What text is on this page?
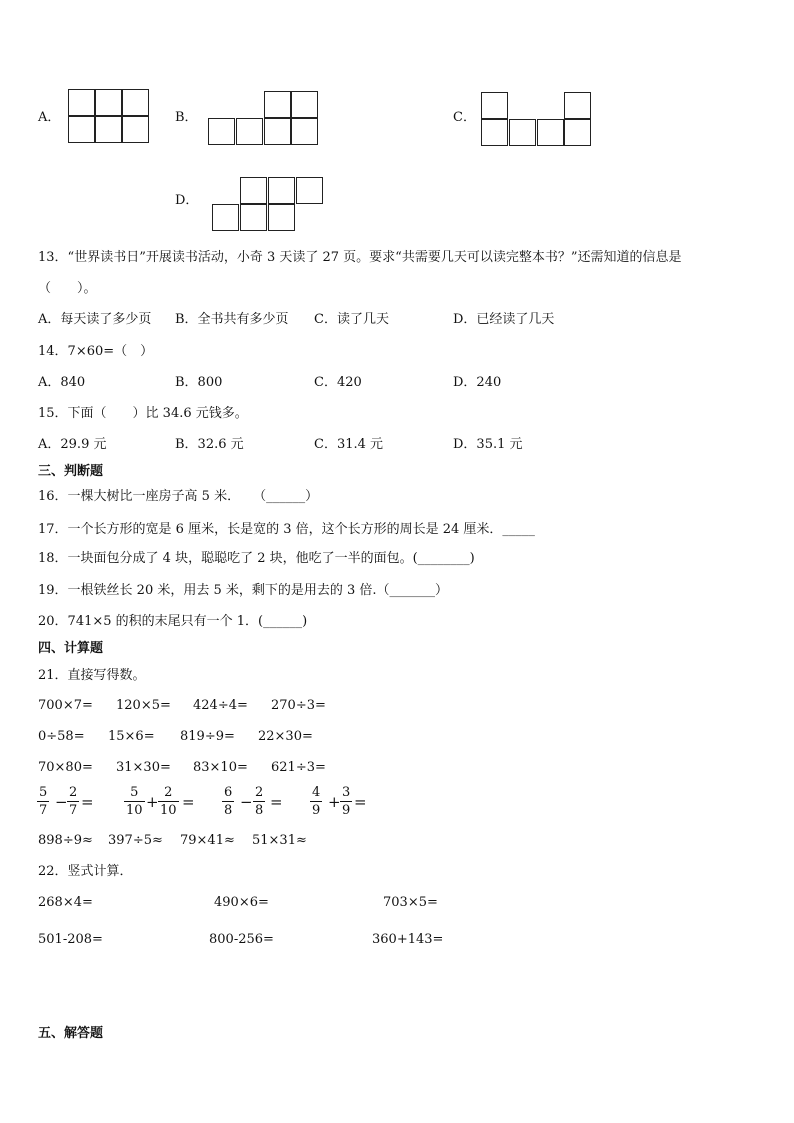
A．	B．	C．
D．
13．“世界读书日”开展读书活动，小奇 3 天读了 27 页。要求“共需要几天可以读完整本书？”还需知道的信息是
（　　）。
A．每天读了多少页 B．全书共有多少页 C．读了几天	D．已经读了几天
14．7×60=（　）
A．840	B．800	C．420	D．240
15．下面（　　）比 34.6 元钱多。
A．29.9 元	B．32.6 元	C．31.4 元	D．35.1 元
三、判断题
16．一棵大树比一座房子高 5 米．　　（______）
17．一个长方形的宽是 6 厘米，长是宽的 3 倍，这个长方形的周长是 24 厘米．_____
18．一块面包分成了 4 块，聪聪吃了 2 块，他吃了一半的面包。(________)
19．一根铁丝长 20 米，用去 5 米，剩下的是用去的 3 倍.（_______）
20．741×5 的积的末尾只有一个 1．(______)
四、计算题
21．直接写得数。
700×7= 120×5= 424÷4= 270÷3=
0÷58= 15×6= 819÷9= 22×30=
70×80= 31×30= 83×10= 621÷3=
$\frac{5}{7} - \frac{2}{7} = \frac{5}{10} + \frac{2}{10} = \frac{6}{8} - \frac{2}{8} = \frac{4}{9} + \frac{3}{9}$ =
898÷9≈ 397÷5≈ 79×41≈ 51×31≈
22．竖式计算．
268×4=	490×6=	703×5=
501-208=	800-256=	360+143=
五、解答题
